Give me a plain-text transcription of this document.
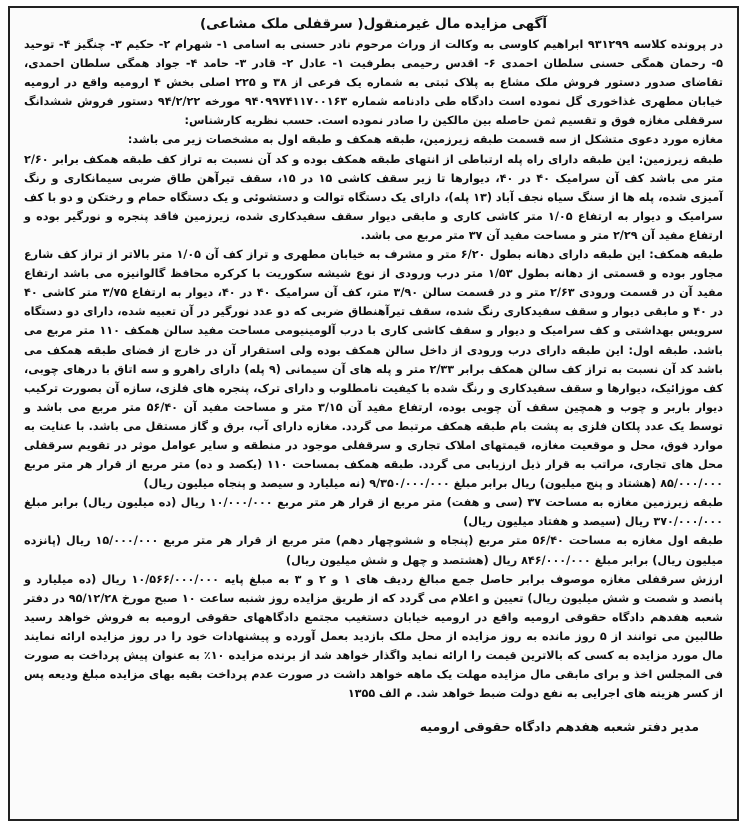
آگهی مزایده مال غیرمنقول( سرقفلی ملک مشاعی)

در پرونده کلاسه ۹۳۱۲۹۹ ابراهیم کاوسی به وکالت از وراث مرحوم نادر حسنی به اسامی ۱- شهرام ۲- حکیم ۳- چنگیز ۴- توحید ۵- رحمان همگی حسنی سلطان احمدی ۶- اقدس رحیمی بطرفیت ۱- عادل ۲- قادر ۳- حامد ۴- جواد همگی سلطان احمدی، تقاضای صدور دستور فروش ملک مشاع به پلاک ثبتی به شماره یک فرعی از ۳۸ و ۲۲۵ اصلی بخش ۴ ارومیه واقع در ارومیه خیابان مطهری غذاخوری گل نموده است دادگاه طی دادنامه شماره ۹۴۰۹۹۷۴۱۱۷۰۰۱۶۳ مورخه ۹۴/۲/۲۲ دستور فروش ششدانگ سرقفلی مغازه فوق و تقسیم ثمن حاصله بین مالکین را صادر نموده است. حسب نظریه کارشناس:

مغازه مورد دعوی متشکل از سه قسمت طبقه زیرزمین، طبقه همکف و طبقه اول به مشخصات زیر می باشد:

طبقه زیرزمین: این طبقه دارای راه پله ارتباطی از انتهای طبقه همکف بوده و کد آن نسبت به تراز کف طبقه همکف برابر ۲/۶۰ متر می باشد کف آن سرامیک ۴۰ در ۴۰، دیوارها تا زیر سقف کاشی ۱۵ در ۱۵، سقف تیرآهن طاق ضربی سیمانکاری و رنگ آمیزی شده، پله ها از سنگ سیاه نجف آباد (۱۳ پله)، دارای یک دستگاه توالت و دستشوئی و یک دستگاه حمام و رختکن و دو با کف سرامیک و دیوار به ارتفاع ۱/۰۵ متر کاشی کاری و مابقی دیوار سقف سفیدکاری شده، زیرزمین فاقد پنجره و نورگیر بوده و ارتفاع مفید آن ۲/۲۹ متر و مساحت مفید آن ۳۷ متر مربع می باشد.

طبقه همکف: این طبقه دارای دهانه بطول ۶/۲۰ متر و مشرف به خیابان مطهری و تراز کف آن ۱/۰۵ متر بالاتر از تراز کف شارع مجاور بوده و قسمتی از دهانه بطول ۱/۵۳ متر درب ورودی از نوع شیشه سکوریت با کرکره محافظ گالوانیزه می باشد ارتفاع مفید آن در قسمت ورودی ۲/۶۳ متر و در قسمت سالن ۳/۹۰ متر، کف آن سرامیک ۴۰ در ۴۰، دیوار به ارتفاع ۳/۷۵ متر کاشی ۴۰ در ۴۰ و مابقی دیوار و سقف سفیدکاری رنگ شده، سقف تیرآهنطاق ضربی که دو عدد نورگیر در آن تعبیه شده، دارای دو دستگاه سرویس بهداشتی و کف سرامیک و دیوار و سقف کاشی کاری با درب آلومینیومی مساحت مفید سالن همکف ۱۱۰ متر مربع می باشد. طبقه اول: این طبقه دارای درب ورودی از داخل سالن همکف بوده ولی استقرار آن در خارج از فضای طبقه همکف می باشد کد آن نسبت به تراز کف سالن همکف برابر ۲/۳۳ متر و پله های آن سیمانی (۹ پله) دارای راهرو و سه اتاق با درهای چوبی، کف موزائیک، دیوارها و سقف سفیدکاری و رنگ شده با کیفیت نامطلوب و دارای ترک، پنجره های فلزی، سازه آن بصورت ترکیب دیوار باربر و چوب و همچین سقف آن چوبی بوده، ارتفاع مفید آن ۳/۱۵ متر و مساحت مفید آن ۵۶/۴۰ متر مربع می باشد و توسط یک عدد پلکان فلزی به پشت بام طبقه همکف مرتبط می گردد. مغازه دارای آب، برق و گاز مستقل می باشد. با عنایت به موارد فوق، محل و موقعیت مغازه، قیمتهای املاک تجاری و سرقفلی موجود در منطقه و سایر عوامل موثر در تقویم سرقفلی محل های تجاری، مراتب به قرار ذیل ارزیابی می گردد. طبقه همکف بمساحت ۱۱۰ (یکصد و ده) متر مربع از قرار هر متر مربع ۸۵/۰۰۰/۰۰۰ (هشتاد و پنج میلیون) ریال برابر مبلغ ۹/۳۵۰/۰۰۰/۰۰۰ (نه میلیارد و سیصد و پنجاه میلیون ریال)

طبقه زیرزمین مغازه به مساحت ۳۷ (سی و هفت) متر مربع از قرار هر متر مربع ۱۰/۰۰۰/۰۰۰ ریال (ده میلیون ریال) برابر مبلغ ۳۷۰/۰۰۰/۰۰۰ ریال (سیصد و هفتاد میلیون ریال)

طبقه اول مغازه به مساحت ۵۶/۴۰ متر مربع (پنجاه و ششوچهار دهم) متر مربع از قرار هر متر مربع ۱۵/۰۰۰/۰۰۰ ریال (پانزده میلیون ریال) برابر مبلغ ۸۴۶/۰۰۰/۰۰۰ ریال (هشتصد و چهل و شش میلیون ریال)

ارزش سرقفلی مغازه موصوف برابر حاصل جمع مبالغ ردیف های ۱ و ۲ و ۳ به مبلغ پایه ۱۰/۵۶۶/۰۰۰/۰۰۰ ریال (ده میلیارد و پانصد و شصت و شش میلیون ریال) تعیین و اعلام می گردد که از طریق مزایده روز شنبه ساعت ۱۰ صبح مورخ ۹۵/۱۲/۲۸ در دفتر شعبه هفدهم دادگاه حقوقی ارومیه واقع در ارومیه خیابان دستغیب مجتمع دادگاههای حقوقی ارومیه به فروش خواهد رسید طالبین می توانند از ۵ روز مانده به روز مزایده از محل ملک بازدید بعمل آورده و پیشنهادات خود را در روز مزایده ارائه نمایند مال مورد مزایده به کسی که بالاترین قیمت را ارائه نماید واگذار خواهد شد از برنده مزایده ۱۰٪ به عنوان پیش پرداخت به صورت فی المجلس اخذ و برای مابقی مال مزایده مهلت یک ماهه خواهد داشت در صورت عدم پرداخت بقیه بهای مزایده مبلغ ودیعه پس از کسر هزینه های اجرایی به نفع دولت ضبط خواهد شد. م الف ۱۳۵۵

مدیر دفتر شعبه هفدهم دادگاه حقوقی ارومیه
